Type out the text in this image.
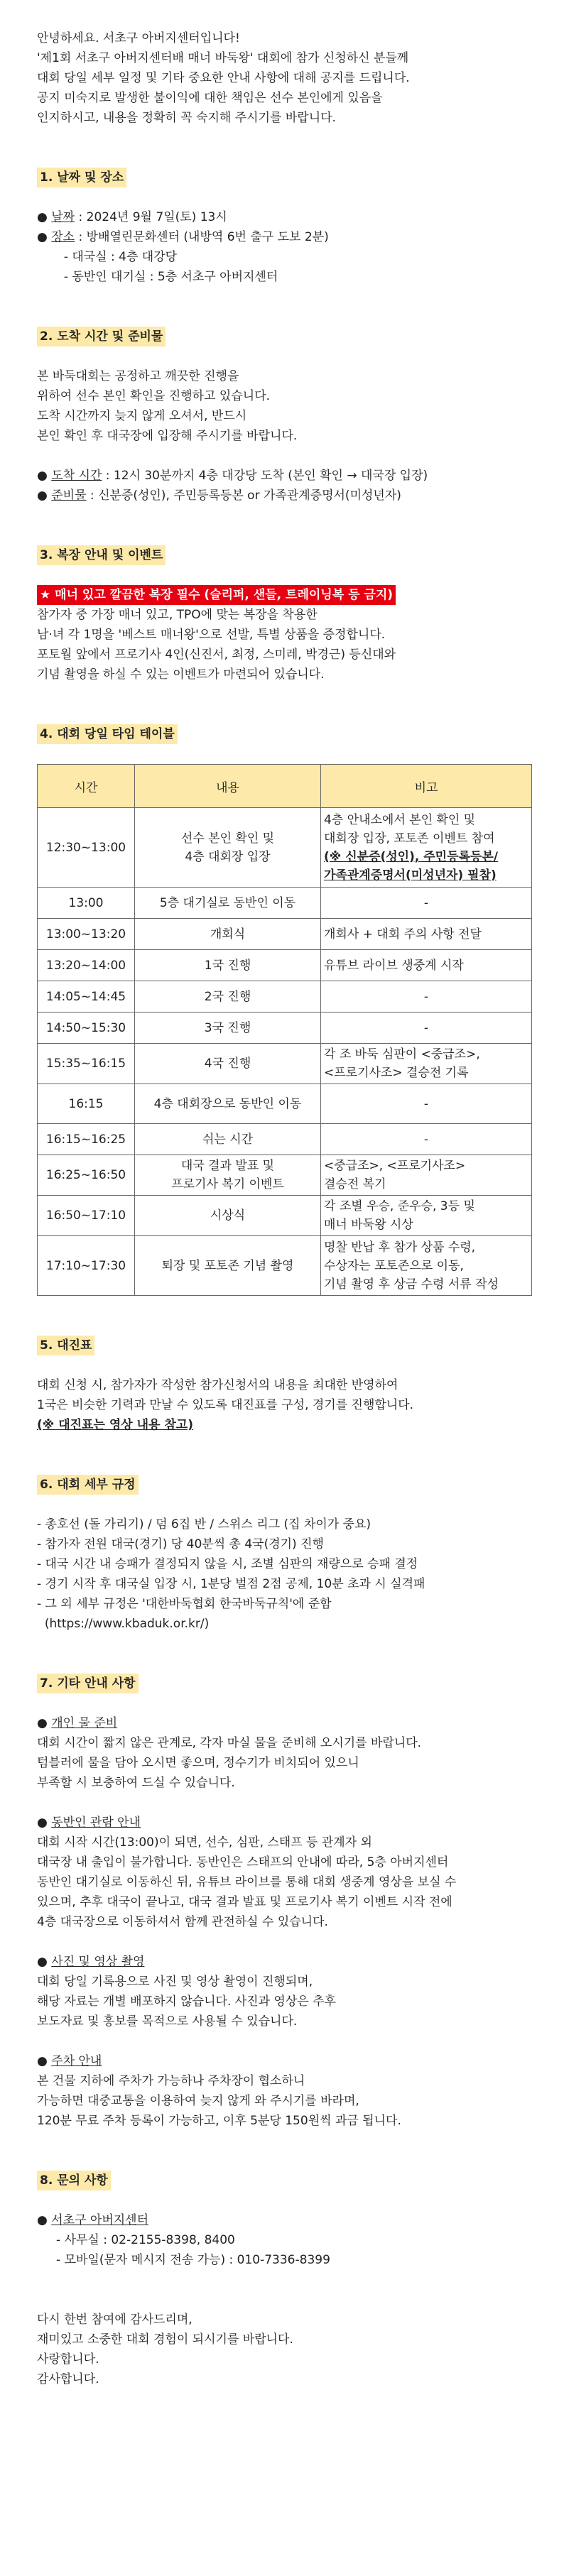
안녕하세요. 서초구 아버지센터입니다!

'제1회 서초구 아버지센터배 매너 바둑왕' 대회에 참가 신청하신 분들께

대회 당일 세부 일정 및 기타 중요한 안내 사항에 대해 공지를 드립니다.

공지 미숙지로 발생한 불이익에 대한 책임은 선수 본인에게 있음을

인지하시고, 내용을 정확히 꼭 숙지해 주시기를 바랍니다.

1. 날짜 및 장소

● 날짜 : 2024년 9월 7일(토) 13시

● 장소 : 방배열린문화센터 (내방역 6번 출구 도보 2분)

- 대국실 : 4층 대강당

- 동반인 대기실 : 5층 서초구 아버지센터

2. 도착 시간 및 준비물

본 바둑대회는 공정하고 깨끗한 진행을

위하여 선수 본인 확인을 진행하고 있습니다.

도착 시간까지 늦지 않게 오셔서, 반드시

본인 확인 후 대국장에 입장해 주시기를 바랍니다.

● 도착 시간 : 12시 30분까지 4층 대강당 도착 (본인 확인 → 대국장 입장)

● 준비물 : 신분증(성인), 주민등록등본 or 가족관계증명서(미성년자)

3. 복장 안내 및 이벤트

★ 매너 있고 깔끔한 복장 필수 (슬리퍼, 샌들, 트레이닝복 등 금지)

참가자 중 가장 매너 있고, TPO에 맞는 복장을 착용한

남·녀 각 1명을 '베스트 매너왕'으로 선발, 특별 상품을 증정합니다.

포토월 앞에서 프로기사 4인(신진서, 최정, 스미레, 박경근) 등신대와

기념 촬영을 하실 수 있는 이벤트가 마련되어 있습니다.

4. 대회 당일 타임 테이블

시간	내용	비고
12:30~13:00	선수 본인 확인 및
4층 대회장 입장	4층 안내소에서 본인 확인 및
대회장 입장, 포토존 이벤트 참여
(※ 신분증(성인), 주민등록등본/
가족관계증명서(미성년자) 필참)
13:00	5층 대기실로 동반인 이동	-
13:00~13:20	개회식	개회사 + 대회 주의 사항 전달
13:20~14:00	1국 진행	유튜브 라이브 생중계 시작
14:05~14:45	2국 진행	-
14:50~15:30	3국 진행	-
15:35~16:15	4국 진행	각 조 바둑 심판이 <중급조>,
<프로기사조> 결승전 기록
16:15	4층 대회장으로 동반인 이동	-
16:15~16:25	쉬는 시간	-
16:25~16:50	대국 결과 발표 및
프로기사 복기 이벤트	<중급조>, <프로기사조>
결승전 복기
16:50~17:10	시상식	각 조별 우승, 준우승, 3등 및
매너 바둑왕 시상
17:10~17:30	퇴장 및 포토존 기념 촬영	명찰 반납 후 참가 상품 수령,
수상자는 포토존으로 이동,
기념 촬영 후 상금 수령 서류 작성

5. 대진표

대회 신청 시, 참가자가 작성한 참가신청서의 내용을 최대한 반영하여

1국은 비슷한 기력과 만날 수 있도록 대진표를 구성, 경기를 진행합니다.

(※ 대진표는 영상 내용 참고)

6. 대회 세부 규정

- 총호선 (돌 가리기) / 덤 6집 반 / 스위스 리그 (집 차이가 중요)

- 참가자 전원 대국(경기) 당 40분씩 총 4국(경기) 진행

- 대국 시간 내 승패가 결정되지 않을 시, 조별 심판의 재량으로 승패 결정

- 경기 시작 후 대국실 입장 시, 1분당 벌점 2점 공제, 10분 초과 시 실격패

- 그 외 세부 규정은 '대한바둑협회 한국바둑규칙'에 준함

(https://www.kbaduk.or.kr/)

7. 기타 안내 사항

● 개인 물 준비

대회 시간이 짧지 않은 관계로, 각자 마실 물을 준비해 오시기를 바랍니다.

텀블러에 물을 담아 오시면 좋으며, 정수기가 비치되어 있으니

부족할 시 보충하여 드실 수 있습니다.

● 동반인 관람 안내

대회 시작 시간(13:00)이 되면, 선수, 심판, 스태프 등 관계자 외

대국장 내 출입이 불가합니다. 동반인은 스태프의 안내에 따라, 5층 아버지센터

동반인 대기실로 이동하신 뒤, 유튜브 라이브를 통해 대회 생중계 영상을 보실 수

있으며, 추후 대국이 끝나고, 대국 결과 발표 및 프로기사 복기 이벤트 시작 전에

4층 대국장으로 이동하셔서 함께 관전하실 수 있습니다.

● 사진 및 영상 촬영

대회 당일 기록용으로 사진 및 영상 촬영이 진행되며,

해당 자료는 개별 배포하지 않습니다. 사진과 영상은 추후

보도자료 및 홍보를 목적으로 사용될 수 있습니다.

● 주차 안내

본 건물 지하에 주차가 가능하나 주차장이 협소하니

가능하면 대중교통을 이용하여 늦지 않게 와 주시기를 바라며,

120분 무료 주차 등록이 가능하고, 이후 5분당 150원씩 과금 됩니다.

8. 문의 사항

● 서초구 아버지센터

- 사무실 : 02-2155-8398, 8400

- 모바일(문자 메시지 전송 가능) : 010-7336-8399

다시 한번 참여에 감사드리며,

재미있고 소중한 대회 경험이 되시기를 바랍니다.

사랑합니다.

감사합니다.
